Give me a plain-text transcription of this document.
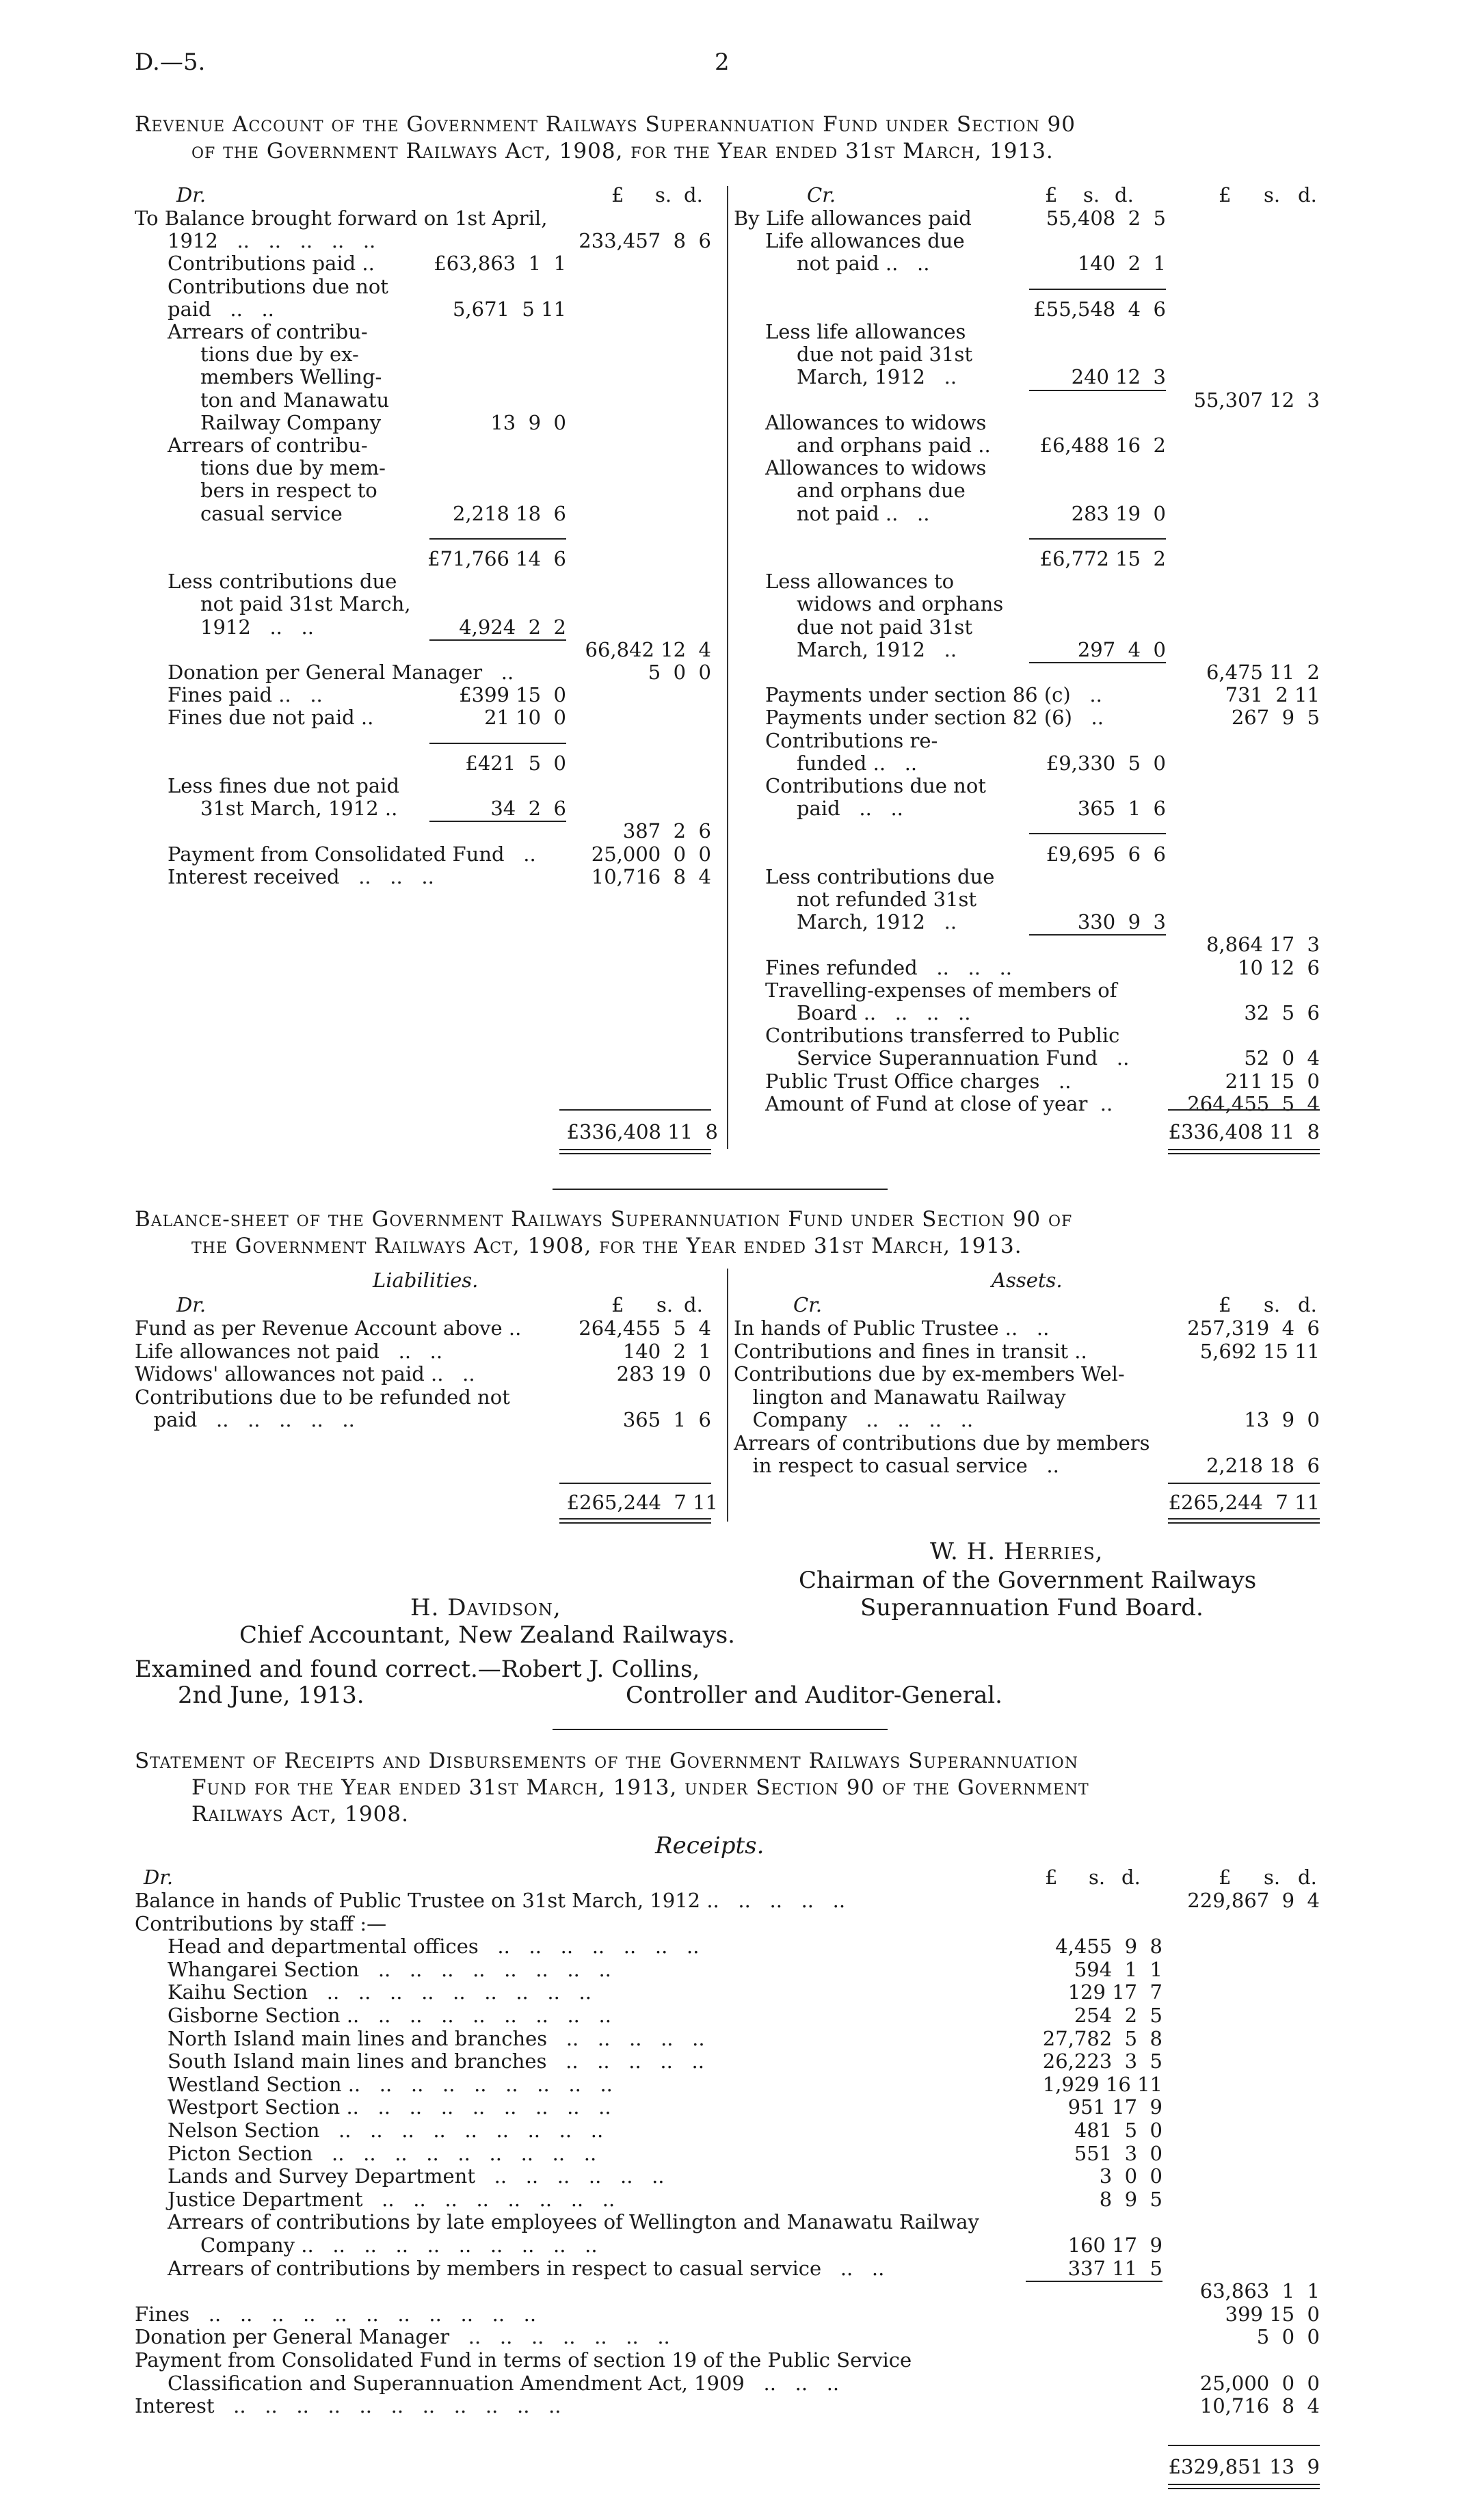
D.—5.	2
Revenue Account of the Government Railways Superannuation Fund under Section 90
of the Government Railways Act, 1908, for the Year ended 31st March, 1913.
Dr.	Cr.
£ s. d.	£ s. d.	£ s. d.
To Balance brought forward on 1st April,
1912   ..   ..   ..   ..   ..	233,457  8  6
Contributions paid ..	£63,863  1  1
Contributions due not
paid   ..   ..	5,671  5 11
Arrears of contribu-
tions due by ex-
members Welling-
ton and Manawatu
Railway Company	13  9  0
Arrears of contribu-
tions due by mem-
bers in respect to
casual service	2,218 18  6
£71,766 14  6
Less contributions due
not paid 31st March,
1912   ..   ..	4,924  2  2
66,842 12  4
Donation per General Manager   ..	5  0  0
Fines paid ..   ..	£399 15  0
Fines due not paid ..	21 10  0
£421  5  0
Less fines due not paid
31st March, 1912 ..	34  2  6
387  2  6
Payment from Consolidated Fund   ..	25,000  0  0
Interest received   ..   ..   ..	10,716  8  4
By Life allowances paid	55,408  2  5
Life allowances due
not paid ..   ..	140  2  1
£55,548  4  6
Less life allowances
due not paid 31st
March, 1912   ..	240 12  3
55,307 12  3
Allowances to widows
and orphans paid ..	£6,488 16  2
Allowances to widows
and orphans due
not paid ..   ..	283 19  0
£6,772 15  2
Less allowances to
widows and orphans
due not paid 31st
March, 1912   ..	297  4  0
6,475 11  2
Payments under section 86 (c)   ..	731  2 11
Payments under section 82 (6)   ..	267  9  5
Contributions re-
funded ..   ..	£9,330  5  0
Contributions due not
paid   ..   ..	365  1  6
£9,695  6  6
Less contributions due
not refunded 31st
March, 1912   ..	330  9  3
8,864 17  3
Fines refunded   ..   ..   ..	10 12  6
Travelling-expenses of members of
Board ..   ..   ..   ..	32  5  6
Contributions transferred to Public
Service Superannuation Fund   ..	52  0  4
Public Trust Office charges   ..	211 15  0
Amount of Fund at close of year  ..	264,455  5  4
£336,408 11  8	£336,408 11  8
Balance-sheet of the Government Railways Superannuation Fund under Section 90 of
the Government Railways Act, 1908, for the Year ended 31st March, 1913.
Liabilities.	Assets.
Dr.	Cr.
£ s. d.	£ s. d.
Fund as per Revenue Account above ..	264,455  5  4
Life allowances not paid   ..   ..	140  2  1
Widows' allowances not paid ..   ..	283 19  0
Contributions due to be refunded not
paid   ..   ..   ..   ..   ..	365  1  6
In hands of Public Trustee ..   ..	257,319  4  6
Contributions and fines in transit ..	5,692 15 11
Contributions due by ex-members Wel-
lington and Manawatu Railway
Company   ..   ..   ..   ..	13  9  0
Arrears of contributions due by members
in respect to casual service   ..	2,218 18  6
£265,244  7 11	£265,244  7 11
W. H. Herries,
Chairman of the Government Railways
Superannuation Fund Board.
H. Davidson,
Chief Accountant, New Zealand Railways.
Examined and found correct.—Robert J. Collins,
2nd June, 1913.	Controller and Auditor-General.
Statement of Receipts and Disbursements of the Government Railways Superannuation
Fund for the Year ended 31st March, 1913, under Section 90 of the Government
Railways Act, 1908.
Receipts.
Dr.	£ s. d.	£ s. d.
Balance in hands of Public Trustee on 31st March, 1912 ..   ..   ..   ..   ..	229,867  9  4
Contributions by staff :—
Head and departmental offices   ..   ..   ..   ..   ..   ..   ..	4,455  9  8
Whangarei Section   ..   ..   ..   ..   ..   ..   ..   ..	594  1  1
Kaihu Section   ..   ..   ..   ..   ..   ..   ..   ..   ..	129 17  7
Gisborne Section ..   ..   ..   ..   ..   ..   ..   ..   ..	254  2  5
North Island main lines and branches   ..   ..   ..   ..   ..	27,782  5  8
South Island main lines and branches   ..   ..   ..   ..   ..	26,223  3  5
Westland Section ..   ..   ..   ..   ..   ..   ..   ..   ..	1,929 16 11
Westport Section ..   ..   ..   ..   ..   ..   ..   ..   ..	951 17  9
Nelson Section   ..   ..   ..   ..   ..   ..   ..   ..   ..	481  5  0
Picton Section   ..   ..   ..   ..   ..   ..   ..   ..   ..	551  3  0
Lands and Survey Department   ..   ..   ..   ..   ..   ..	3  0  0
Justice Department   ..   ..   ..   ..   ..   ..   ..   ..	8  9  5
Arrears of contributions by late employees of Wellington and Manawatu Railway
Company ..   ..   ..   ..   ..   ..   ..   ..   ..   ..	160 17  9
Arrears of contributions by members in respect to casual service   ..   ..	337 11  5
63,863  1  1
Fines   ..   ..   ..   ..   ..   ..   ..   ..   ..   ..   ..	399 15  0
Donation per General Manager   ..   ..   ..   ..   ..   ..   ..	5  0  0
Payment from Consolidated Fund in terms of section 19 of the Public Service
Classification and Superannuation Amendment Act, 1909   ..   ..   ..	25,000  0  0
Interest   ..   ..   ..   ..   ..   ..   ..   ..   ..   ..   ..	10,716  8  4
£329,851 13  9
